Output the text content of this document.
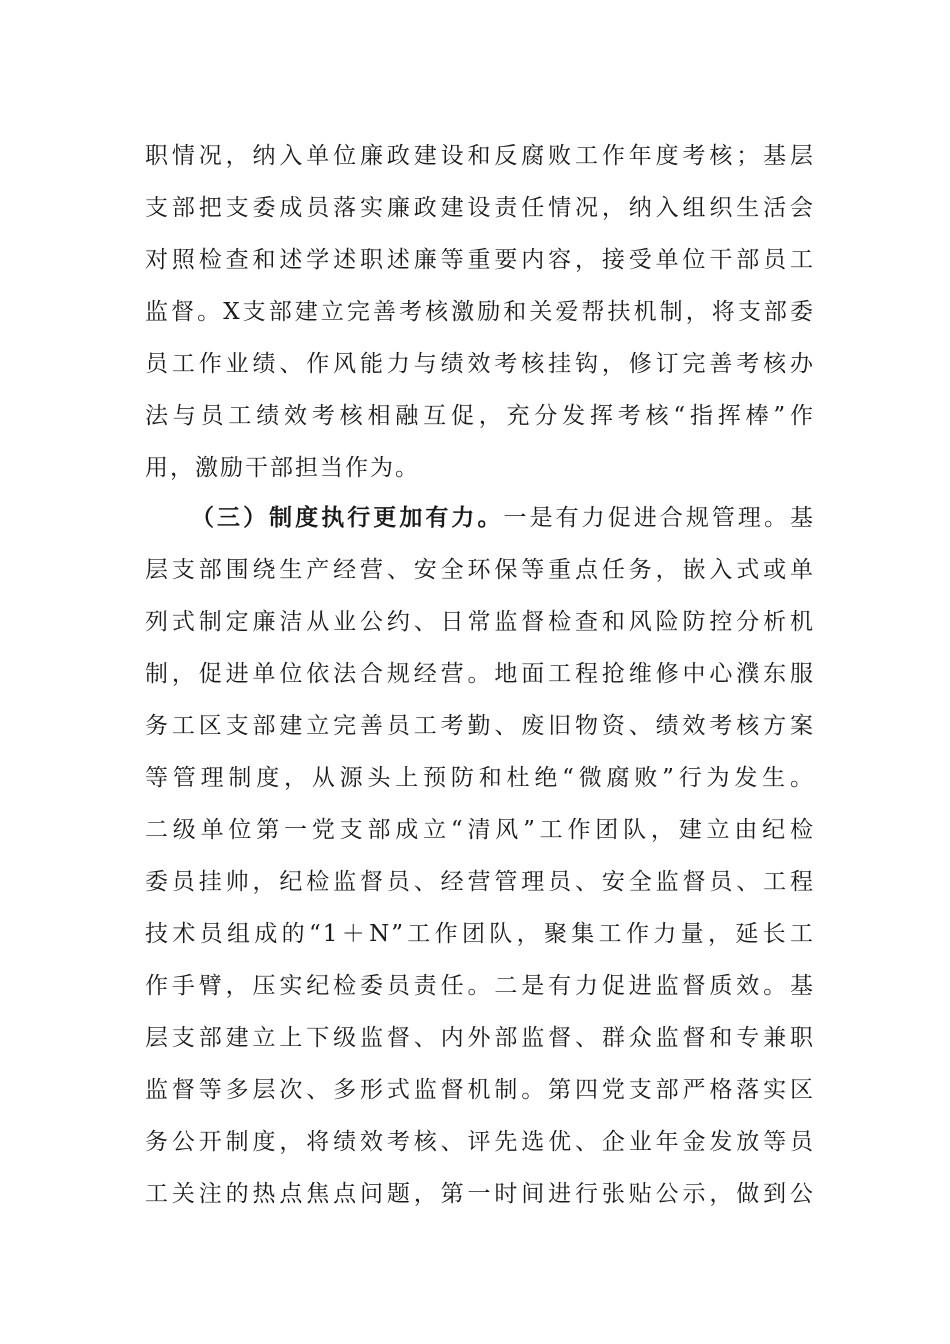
职情况，纳入单位廉政建设和反腐败工作年度考核；基层
支部把支委成员落实廉政建设责任情况，纳入组织生活会
对照检查和述学述职述廉等重要内容，接受单位干部员工
监督。X支部建立完善考核激励和关爱帮扶机制，将支部委
员工作业绩、作风能力与绩效考核挂钩，修订完善考核办
法与员工绩效考核相融互促，充分发挥考核“指挥棒”作
用，激励干部担当作为。
（三）制度执行更加有力。一是有力促进合规管理。基
层支部围绕生产经营、安全环保等重点任务，嵌入式或单
列式制定廉洁从业公约、日常监督检查和风险防控分析机
制，促进单位依法合规经营。地面工程抢维修中心濮东服
务工区支部建立完善员工考勤、废旧物资、绩效考核方案
等管理制度，从源头上预防和杜绝“微腐败”行为发生。
二级单位第一党支部成立“清风”工作团队，建立由纪检
委员挂帅，纪检监督员、经营管理员、安全监督员、工程
技术员组成的“1＋N”工作团队，聚集工作力量，延长工
作手臂，压实纪检委员责任。二是有力促进监督质效。基
层支部建立上下级监督、内外部监督、群众监督和专兼职
监督等多层次、多形式监督机制。第四党支部严格落实区
务公开制度，将绩效考核、评先选优、企业年金发放等员
工关注的热点焦点问题，第一时间进行张贴公示，做到公
